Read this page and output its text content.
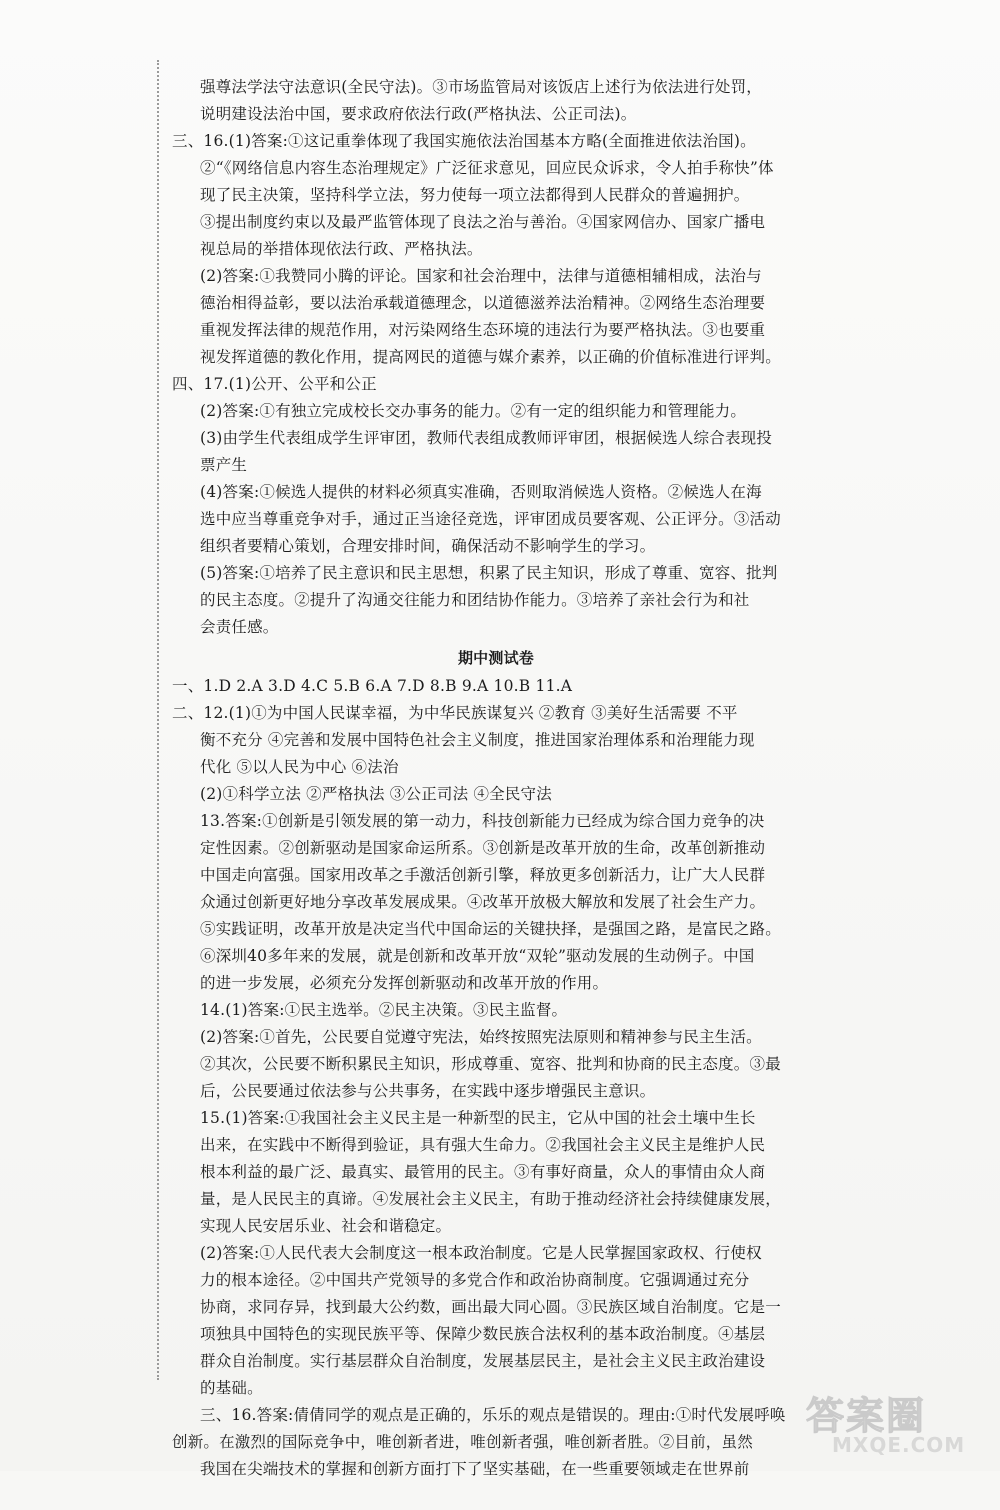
强尊法学法守法意识(全民守法)。③市场监管局对该饭店上述行为依法进行处罚，
说明建设法治中国，要求政府依法行政(严格执法、公正司法)。
三、16.(1)答案:①这记重拳体现了我国实施依法治国基本方略(全面推进依法治国)。
②“《网络信息内容生态治理规定》广泛征求意见，回应民众诉求，令人拍手称快”体
现了民主决策，坚持科学立法，努力使每一项立法都得到人民群众的普遍拥护。
③提出制度约束以及最严监管体现了良法之治与善治。④国家网信办、国家广播电
视总局的举措体现依法行政、严格执法。
(2)答案:①我赞同小腾的评论。国家和社会治理中，法律与道德相辅相成，法治与
德治相得益彰，要以法治承载道德理念，以道德滋养法治精神。②网络生态治理要
重视发挥法律的规范作用，对污染网络生态环境的违法行为要严格执法。③也要重
视发挥道德的教化作用，提高网民的道德与媒介素养，以正确的价值标准进行评判。
四、17.(1)公开、公平和公正
(2)答案:①有独立完成校长交办事务的能力。②有一定的组织能力和管理能力。
(3)由学生代表组成学生评审团，教师代表组成教师评审团，根据候选人综合表现投
票产生
(4)答案:①候选人提供的材料必须真实准确，否则取消候选人资格。②候选人在海
选中应当尊重竞争对手，通过正当途径竞选，评审团成员要客观、公正评分。③活动
组织者要精心策划，合理安排时间，确保活动不影响学生的学习。
(5)答案:①培养了民主意识和民主思想，积累了民主知识，形成了尊重、宽容、批判
的民主态度。②提升了沟通交往能力和团结协作能力。③培养了亲社会行为和社
会责任感。
期中测试卷
一、1.D 2.A 3.D 4.C 5.B 6.A 7.D 8.B 9.A 10.B 11.A
二、12.(1)①为中国人民谋幸福，为中华民族谋复兴 ②教育 ③美好生活需要 不平
衡不充分 ④完善和发展中国特色社会主义制度，推进国家治理体系和治理能力现
代化 ⑤以人民为中心 ⑥法治
(2)①科学立法 ②严格执法 ③公正司法 ④全民守法
13.答案:①创新是引领发展的第一动力，科技创新能力已经成为综合国力竞争的决
定性因素。②创新驱动是国家命运所系。③创新是改革开放的生命，改革创新推动
中国走向富强。国家用改革之手激活创新引擎，释放更多创新活力，让广大人民群
众通过创新更好地分享改革发展成果。④改革开放极大解放和发展了社会生产力。
⑤实践证明，改革开放是决定当代中国命运的关键抉择，是强国之路，是富民之路。
⑥深圳40多年来的发展，就是创新和改革开放“双轮”驱动发展的生动例子。中国
的进一步发展，必须充分发挥创新驱动和改革开放的作用。
14.(1)答案:①民主选举。②民主决策。③民主监督。
(2)答案:①首先，公民要自觉遵守宪法，始终按照宪法原则和精神参与民主生活。
②其次，公民要不断积累民主知识，形成尊重、宽容、批判和协商的民主态度。③最
后，公民要通过依法参与公共事务，在实践中逐步增强民主意识。
15.(1)答案:①我国社会主义民主是一种新型的民主，它从中国的社会土壤中生长
出来，在实践中不断得到验证，具有强大生命力。②我国社会主义民主是维护人民
根本利益的最广泛、最真实、最管用的民主。③有事好商量，众人的事情由众人商
量，是人民民主的真谛。④发展社会主义民主，有助于推动经济社会持续健康发展，
实现人民安居乐业、社会和谐稳定。
(2)答案:①人民代表大会制度这一根本政治制度。它是人民掌握国家政权、行使权
力的根本途径。②中国共产党领导的多党合作和政治协商制度。它强调通过充分
协商，求同存异，找到最大公约数，画出最大同心圆。③民族区域自治制度。它是一
项独具中国特色的实现民族平等、保障少数民族合法权利的基本政治制度。④基层
群众自治制度。实行基层群众自治制度，发展基层民主，是社会主义民主政治建设
的基础。
三、16.答案:倩倩同学的观点是正确的，乐乐的观点是错误的。理由:①时代发展呼唤
创新。在激烈的国际竞争中，唯创新者进，唯创新者强，唯创新者胜。②目前，虽然
我国在尖端技术的掌握和创新方面打下了坚实基础，在一些重要领域走在世界前
答案圈
MXQE.COM
